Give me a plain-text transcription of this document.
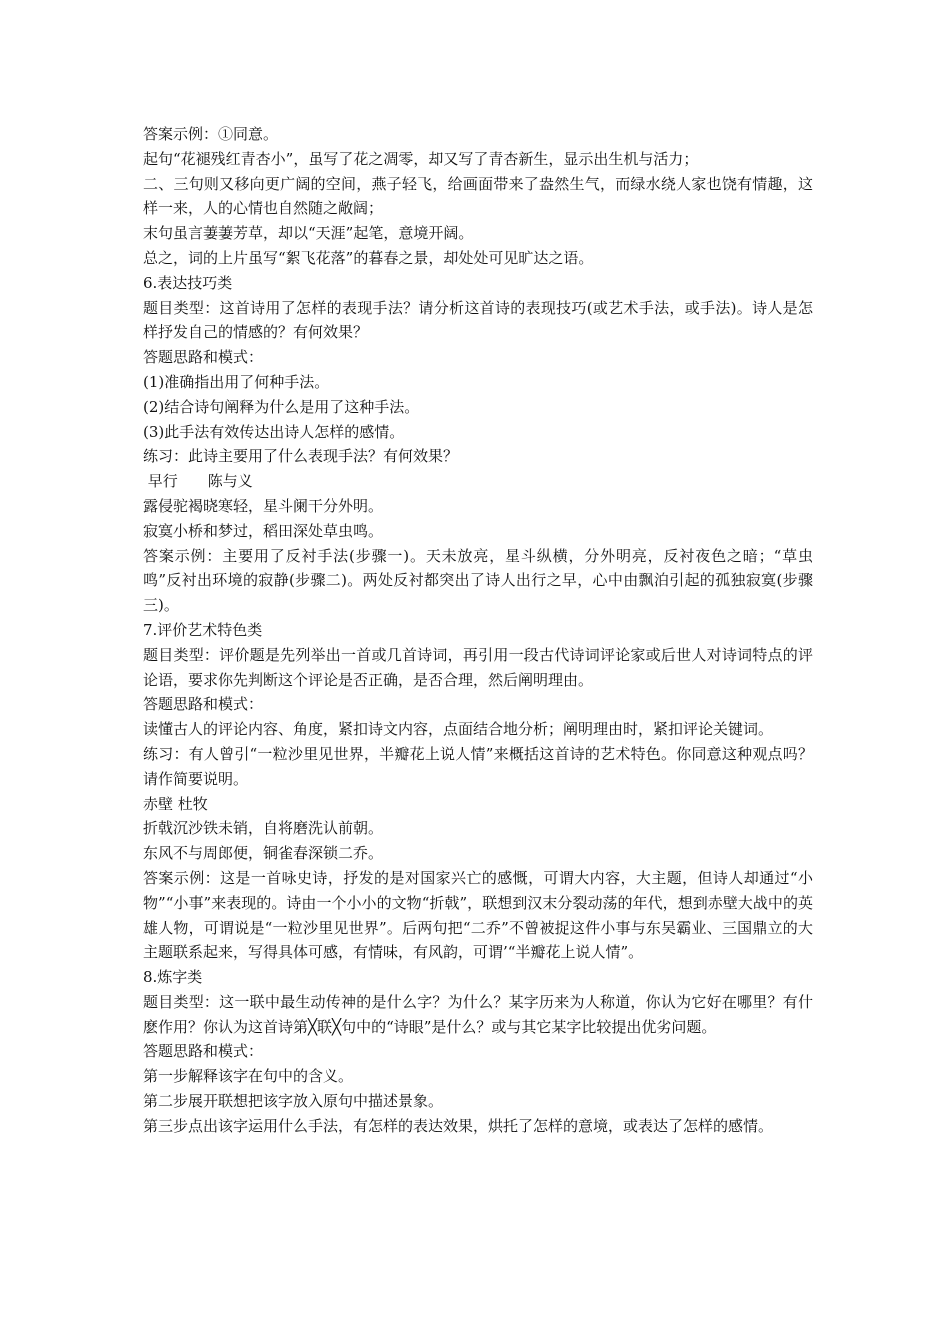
答案示例：①同意。

起句“花褪残红青杏小”，虽写了花之凋零，却又写了青杏新生，显示出生机与活力；

二、三句则又移向更广阔的空间，燕子轻飞，给画面带来了盎然生气，而绿水绕人家也饶有情趣，这样一来，人的心情也自然随之敞阔；

末句虽言萋萋芳草，却以“天涯”起笔，意境开阔。

总之，词的上片虽写“絮飞花落”的暮春之景，却处处可见旷达之语。

6.表达技巧类

题目类型：这首诗用了怎样的表现手法？请分析这首诗的表现技巧(或艺术手法，或手法)。诗人是怎样抒发自己的情感的？有何效果？

答题思路和模式：

(1)准确指出用了何种手法。

(2)结合诗句阐释为什么是用了这种手法。

(3)此手法有效传达出诗人怎样的感情。

练习：此诗主要用了什么表现手法？有何效果？

早行　　陈与义

露侵驼褐晓寒轻，星斗阑干分外明。

寂寞小桥和梦过，稻田深处草虫鸣。

答案示例：主要用了反衬手法(步骤一)。天未放亮，星斗纵横，分外明亮，反衬夜色之暗；“草虫鸣”反衬出环境的寂静(步骤二)。两处反衬都突出了诗人出行之早，心中由飘泊引起的孤独寂寞(步骤三)。

7.评价艺术特色类

题目类型：评价题是先列举出一首或几首诗词，再引用一段古代诗词评论家或后世人对诗词特点的评论语，要求你先判断这个评论是否正确，是否合理，然后阐明理由。

答题思路和模式：

读懂古人的评论内容、角度，紧扣诗文内容，点面结合地分析；阐明理由时，紧扣评论关键词。

练习：有人曾引“一粒沙里见世界，半瓣花上说人情”来概括这首诗的艺术特色。你同意这种观点吗？请作简要说明。

赤壁 杜牧

折戟沉沙铁未销，自将磨洗认前朝。

东风不与周郎便，铜雀春深锁二乔。

答案示例：这是一首咏史诗，抒发的是对国家兴亡的感慨，可谓大内容，大主题，但诗人却通过“小物”“小事”来表现的。诗由一个小小的文物“折戟”，联想到汉末分裂动荡的年代，想到赤壁大战中的英雄人物，可谓说是“一粒沙里见世界”。后两句把“二乔”不曾被捉这件小事与东吴霸业、三国鼎立的大主题联系起来，写得具体可感，有情味，有风韵，可谓’“半瓣花上说人情”。

8.炼字类

题目类型：这一联中最生动传神的是什么字？为什么？某字历来为人称道，你认为它好在哪里？有什麽作用？你认为这首诗第╳联╳句中的“诗眼”是什么？或与其它某字比较提出优劣问题。

答题思路和模式：

第一步解释该字在句中的含义。

第二步展开联想把该字放入原句中描述景象。

第三步点出该字运用什么手法，有怎样的表达效果，烘托了怎样的意境，或表达了怎样的感情。
